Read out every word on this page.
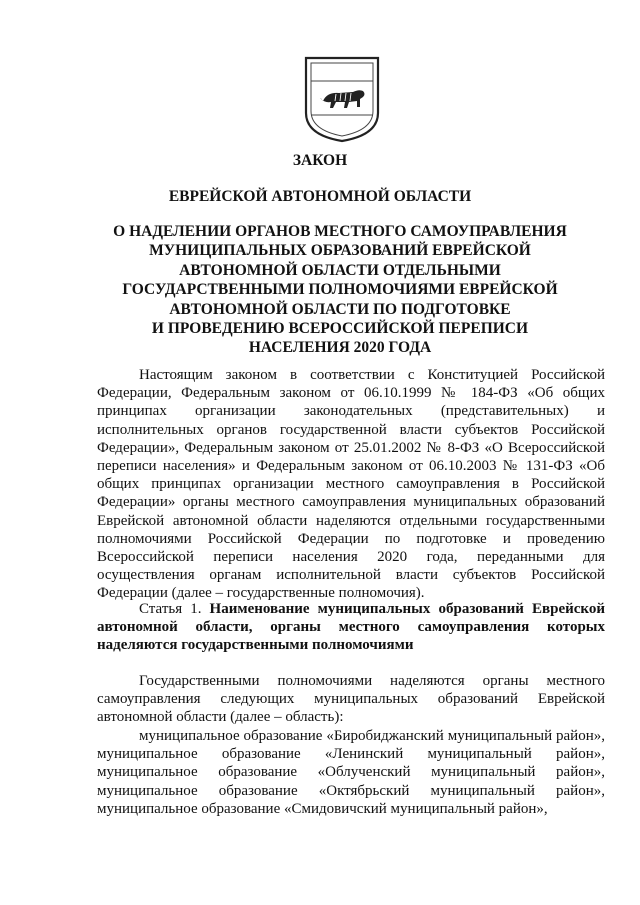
ЗАКОН
ЕВРЕЙСКОЙ АВТОНОМНОЙ ОБЛАСТИ
О НАДЕЛЕНИИ ОРГАНОВ МЕСТНОГО САМОУПРАВЛЕНИЯ
МУНИЦИПАЛЬНЫХ ОБРАЗОВАНИЙ ЕВРЕЙСКОЙ
АВТОНОМНОЙ ОБЛАСТИ ОТДЕЛЬНЫМИ
ГОСУДАРСТВЕННЫМИ ПОЛНОМОЧИЯМИ ЕВРЕЙСКОЙ
АВТОНОМНОЙ ОБЛАСТИ ПО ПОДГОТОВКЕ
И ПРОВЕДЕНИЮ ВСЕРОССИЙСКОЙ ПЕРЕПИСИ
НАСЕЛЕНИЯ 2020 ГОДА

Настоящим законом в соответствии с Конституцией Российской Федерации, Федеральным законом от 06.10.1999 № 184-ФЗ «Об общих принципах организации законодательных (представительных) и исполнительных органов государственной власти субъектов Российской Федерации», Федеральным законом от 25.01.2002 № 8-ФЗ «О Всероссийской переписи населения» и Федеральным законом от 06.10.2003 № 131-ФЗ «Об общих принципах организации местного самоуправления в Российской Федерации» органы местного самоуправления муниципальных образований Еврейской автономной области наделяются отдельными государственными полномочиями Российской Федерации по подготовке и проведению Всероссийской переписи населения 2020 года, переданными для осуществления органам исполнительной власти субъектов Российской Федерации (далее – государственные полномочия).

Статья 1. Наименование муниципальных образований Еврейской автономной области, органы местного самоуправления которых наделяются государственными полномочиями

Государственными полномочиями наделяются органы местного самоуправления следующих муниципальных образований Еврейской автономной области (далее – область):

муниципальное образование «Биробиджанский муниципальный район», муниципальное образование «Ленинский муниципальный район», муниципальное образование «Облученский муниципальный район», муниципальное образование «Октябрьский муниципальный район», муниципальное образование «Смидовичский муниципальный район»,
